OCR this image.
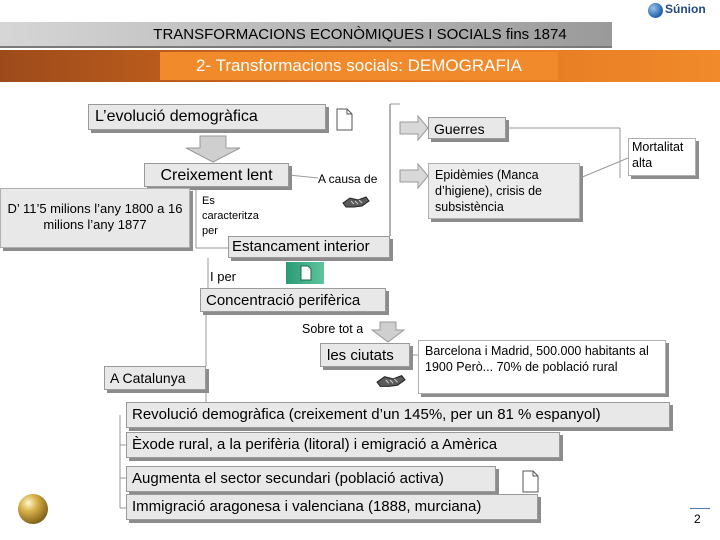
TRANSFORMACIONS ECONÒMIQUES I SOCIALS fins 1874
2- Transformacions socials: DEMOGRAFIA
Súnion
L’evolució demogràfica
Creixement lent
D’ 11’5 milions l’any 1800 a 16 milions l’any 1877
A causa de
Es caracteritza per
Guerres
Epidèmies (Manca d’higiene), crisis de subsistència
Mortalitat alta
Estancament interior
I per
Concentració perifèrica
Sobre tot a
les ciutats
A Catalunya
Barcelona i Madrid, 500.000 habitants al 1900 Però... 70% de població rural
Revolució demogràfica (creixement d’un 145%, per un 81 % espanyol)
Èxode rural, a la perifèria (litoral) i emigració a Amèrica
Augmenta el sector secundari (població activa)
Immigració aragonesa i valenciana (1888, murciana)
2
